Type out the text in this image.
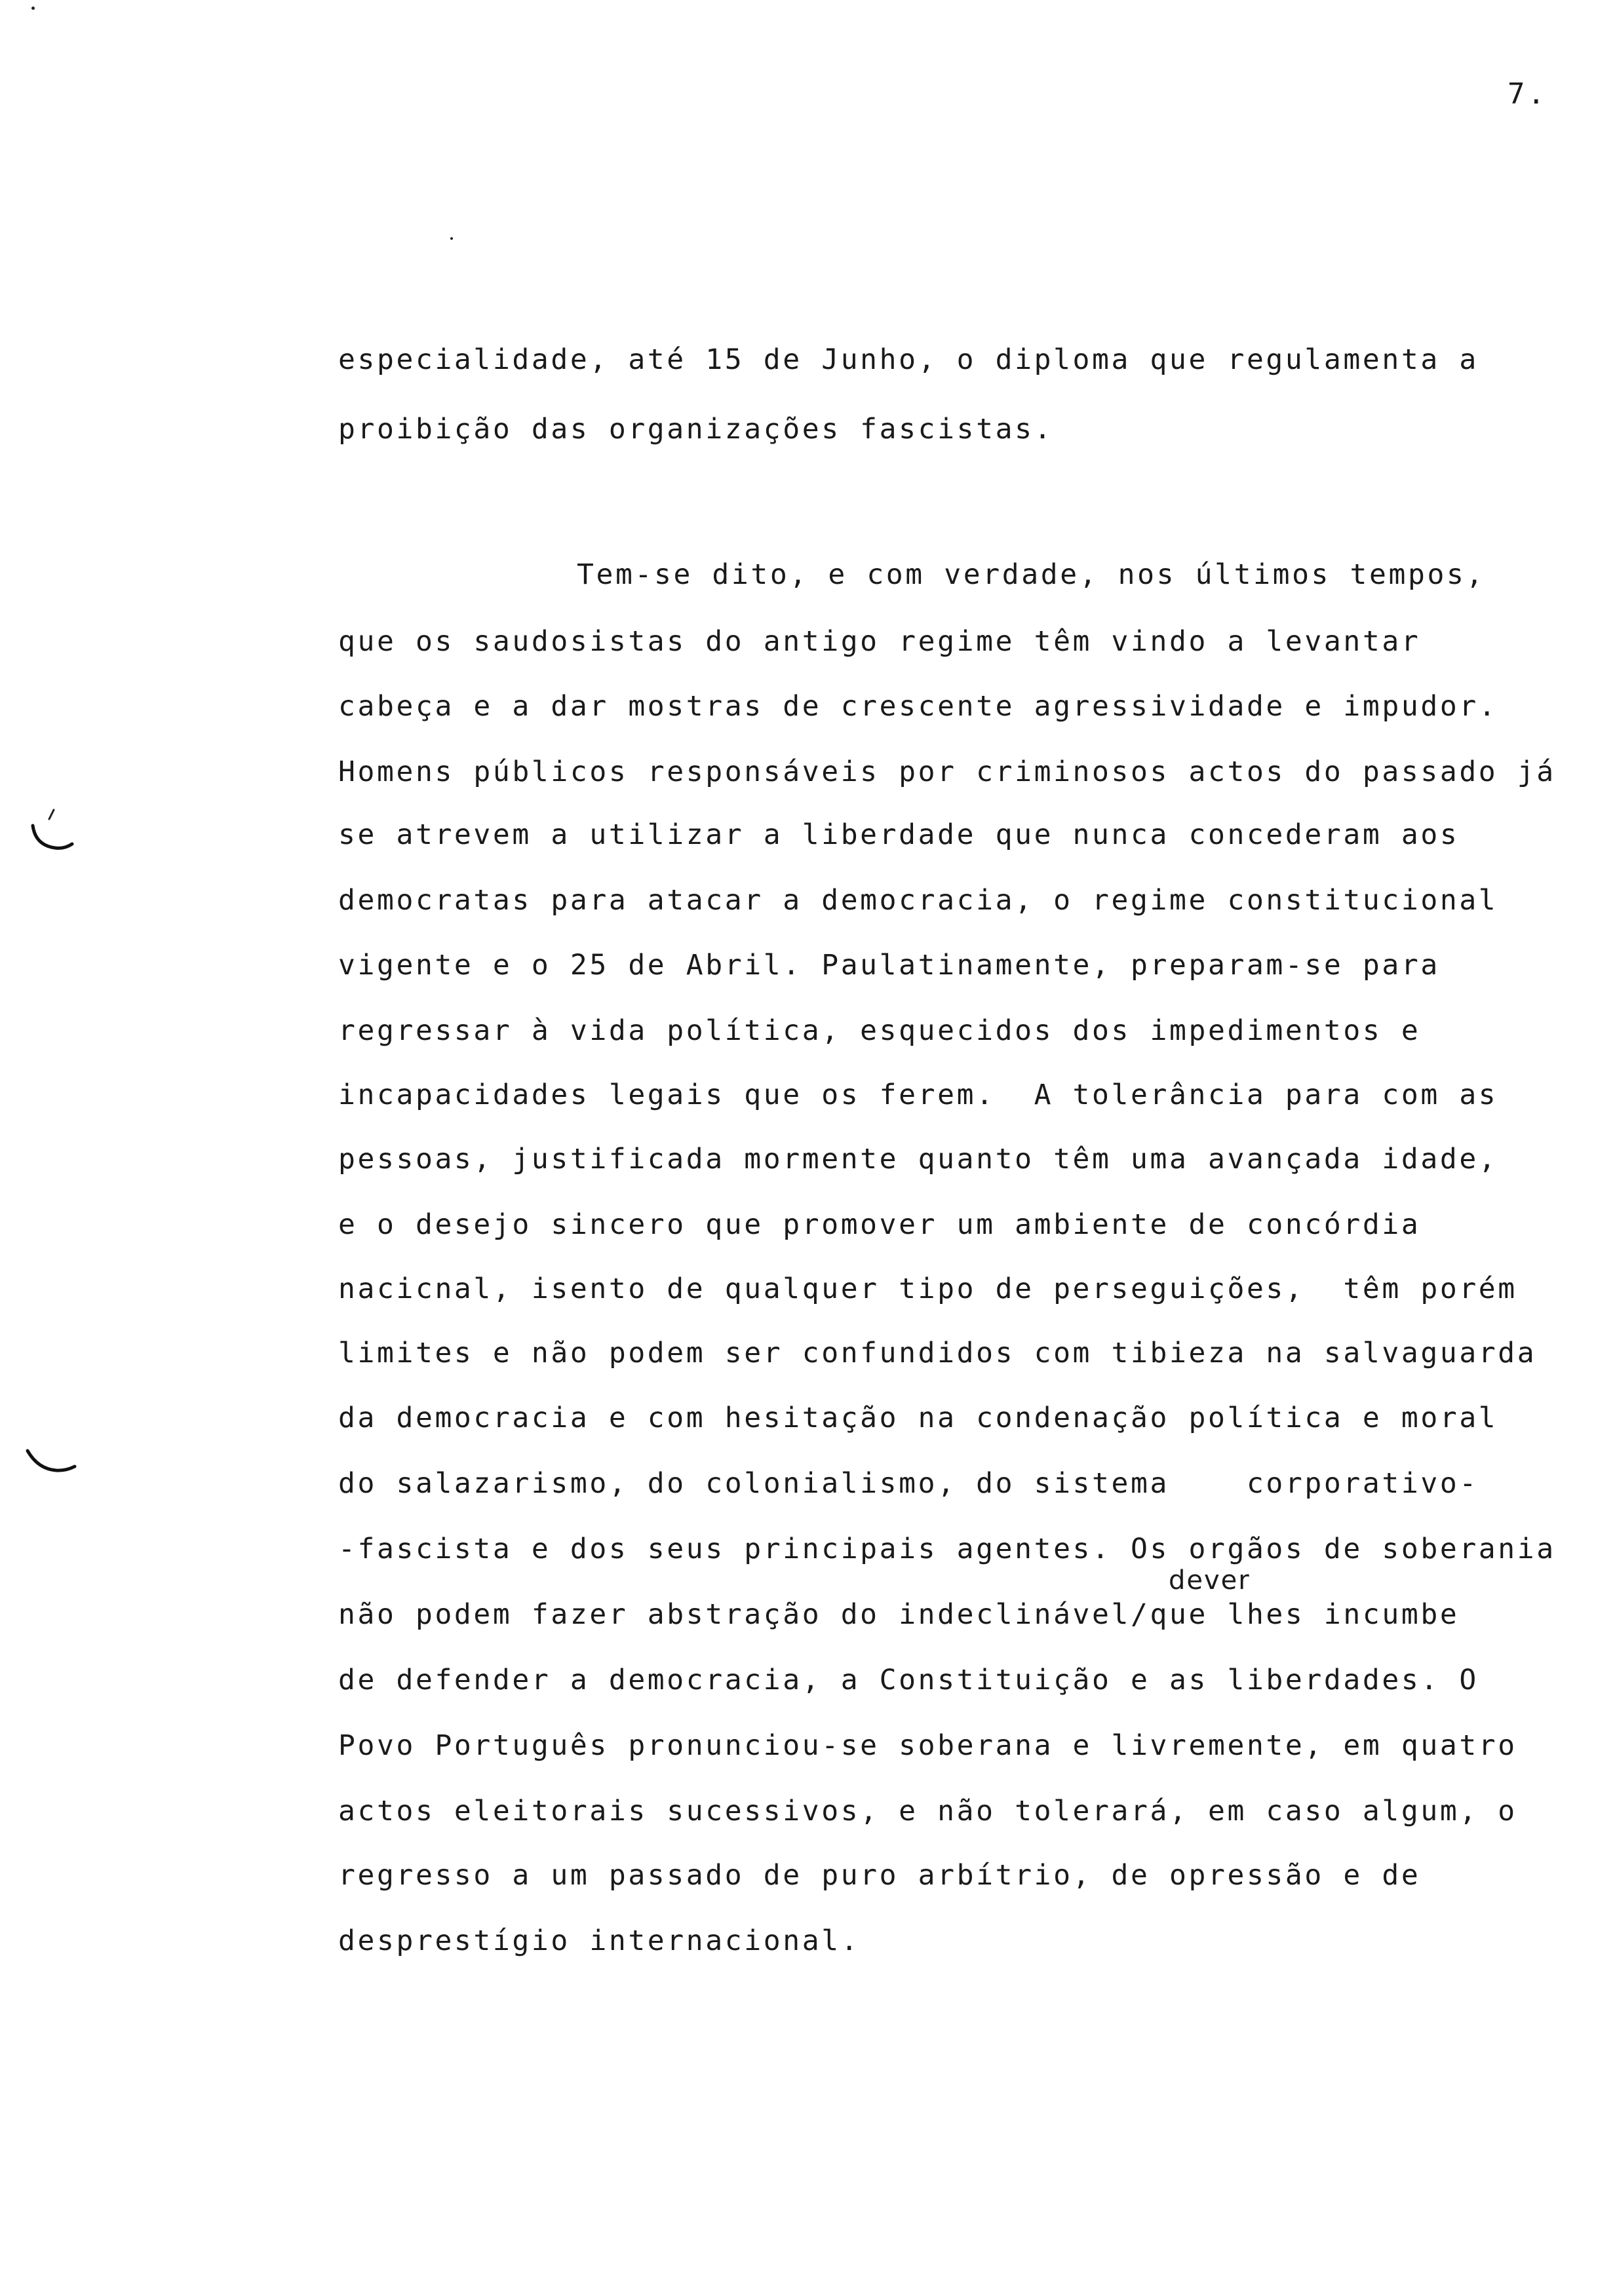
7.
especialidade, até 15 de Junho, o diploma que regulamenta a
proibição das organizações fascistas.
Tem-se dito, e com verdade, nos últimos tempos,
que os saudosistas do antigo regime têm vindo a levantar
cabeça e a dar mostras de crescente agressividade e impudor.
Homens públicos responsáveis por criminosos actos do passado já
se atrevem a utilizar a liberdade que nunca concederam aos
democratas para atacar a democracia, o regime constitucional
vigente e o 25 de Abril. Paulatinamente, preparam-se para
regressar à vida política, esquecidos dos impedimentos e
incapacidades legais que os ferem.  A tolerância para com as
pessoas, justificada mormente quanto têm uma avançada idade,
e o desejo sincero que promover um ambiente de concórdia
nacicnal, isento de qualquer tipo de perseguições,  têm porém
limites e não podem ser confundidos com tibieza na salvaguarda
da democracia e com hesitação na condenação política e moral
do salazarismo, do colonialismo, do sistema    corporativo-
-fascista e dos seus principais agentes. Os orgãos de soberania
dever
não podem fazer abstração do indeclinável/que lhes incumbe
de defender a democracia, a Constituição e as liberdades. O
Povo Português pronunciou-se soberana e livremente, em quatro
actos eleitorais sucessivos, e não tolerará, em caso algum, o
regresso a um passado de puro arbítrio, de opressão e de
desprestígio internacional.
